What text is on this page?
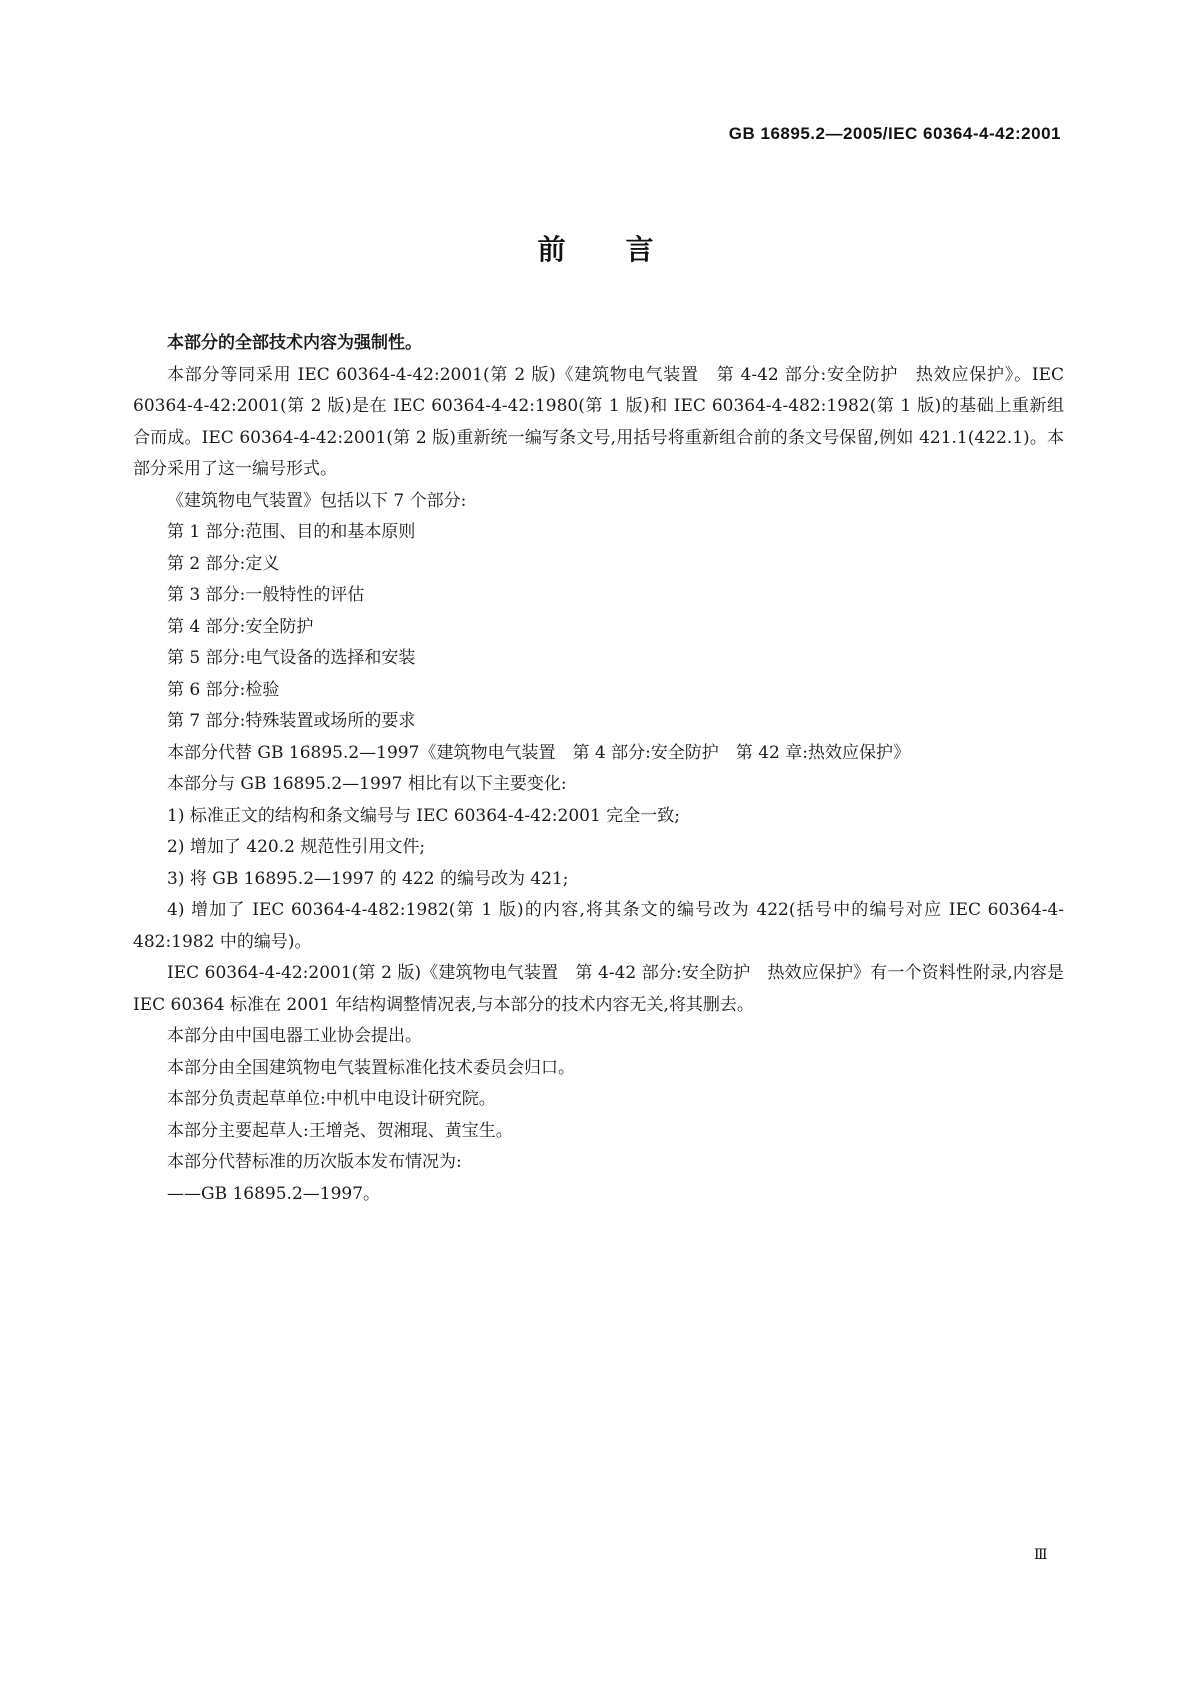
GB 16895.2—2005/IEC 60364-4-42:2001
前言

本部分的全部技术内容为强制性。

本部分等同采用 IEC 60364-4-42:2001(第 2 版)《建筑物电气装置　第 4-42 部分:安全防护　热效应保护》。IEC 60364-4-42:2001(第 2 版)是在 IEC 60364-4-42:1980(第 1 版)和 IEC 60364-4-482:1982(第 1 版)的基础上重新组合而成。IEC 60364-4-42:2001(第 2 版)重新统一编写条文号,用括号将重新组合前的条文号保留,例如 421.1(422.1)。本部分采用了这一编号形式。

《建筑物电气装置》包括以下 7 个部分:

第 1 部分:范围、目的和基本原则

第 2 部分:定义

第 3 部分:一般特性的评估

第 4 部分:安全防护

第 5 部分:电气设备的选择和安装

第 6 部分:检验

第 7 部分:特殊装置或场所的要求

本部分代替 GB 16895.2—1997《建筑物电气装置　第 4 部分:安全防护　第 42 章:热效应保护》

本部分与 GB 16895.2—1997 相比有以下主要变化:

1) 标准正文的结构和条文编号与 IEC 60364-4-42:2001 完全一致;

2) 增加了 420.2 规范性引用文件;

3) 将 GB 16895.2—1997 的 422 的编号改为 421;

4) 增加了 IEC 60364-4-482:1982(第 1 版)的内容,将其条文的编号改为 422(括号中的编号对应 IEC 60364-4-482:1982 中的编号)。

IEC 60364-4-42:2001(第 2 版)《建筑物电气装置　第 4-42 部分:安全防护　热效应保护》有一个资料性附录,内容是 IEC 60364 标准在 2001 年结构调整情况表,与本部分的技术内容无关,将其删去。

本部分由中国电器工业协会提出。

本部分由全国建筑物电气装置标准化技术委员会归口。

本部分负责起草单位:中机中电设计研究院。

本部分主要起草人:王增尧、贺湘琨、黄宝生。

本部分代替标准的历次版本发布情况为:

——GB 16895.2—1997。

Ⅲ
